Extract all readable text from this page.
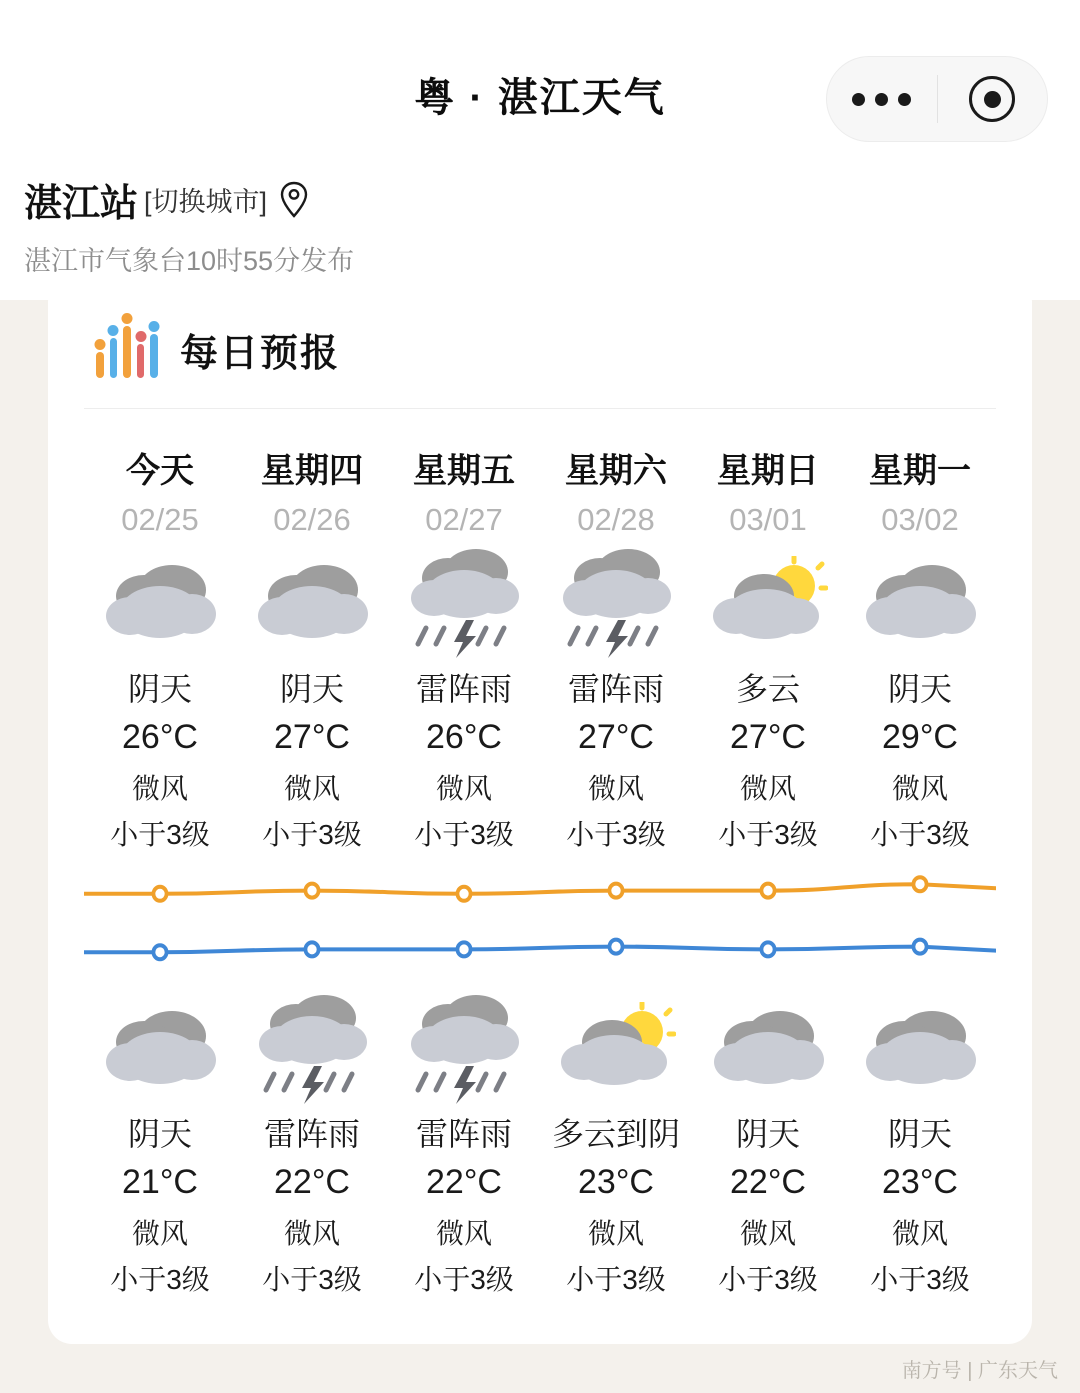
粤 · 湛江天气
湛江站 [切换城市]
湛江市气象台10时55分发布
每日预报
今天
02/25
阴天
26°C
微风
小于3级
星期四
02/26
阴天
27°C
微风
小于3级
星期五
02/27
雷阵雨
26°C
微风
小于3级
星期六
02/28
雷阵雨
27°C
微风
小于3级
星期日
03/01
多云
27°C
微风
小于3级
星期一
03/02
阴天
29°C
微风
小于3级
阴天
21°C
微风
小于3级
雷阵雨
22°C
微风
小于3级
雷阵雨
22°C
微风
小于3级
多云到阴
23°C
微风
小于3级
阴天
22°C
微风
小于3级
阴天
23°C
微风
小于3级
南方号 | 广东天气
